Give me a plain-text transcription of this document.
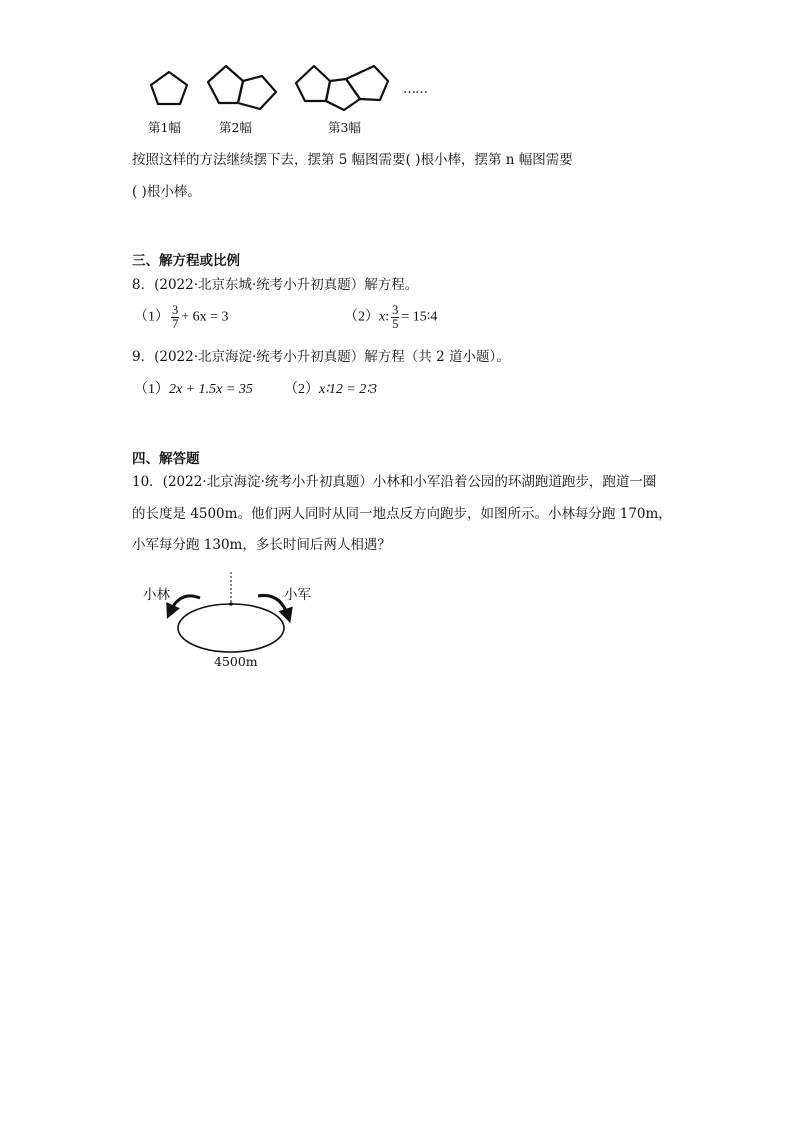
……
第1幅	第2幅	第3幅
按照这样的方法继续摆下去，摆第 5 幅图需要( )根小棒，摆第 n 幅图需要
( )根小棒。
三、解方程或比例
8．(2022·北京东城·统考小升初真题）解方程。
$(1) \frac{3}{7} + 6x = 3$	（2）x: $\frac{3}{5}$ = 15∶4
9．(2022·北京海淀·统考小升初真题）解方程（共 2 道小题）。
（1）2x + 1.5x = 35 （2）x∶12 = 2∶3
四、解答题
10．(2022·北京海淀·统考小升初真题）小林和小军沿着公园的环湖跑道跑步，跑道一圈
的长度是 4500m。他们两人同时从同一地点反方向跑步，如图所示。小林每分跑 170m，
小军每分跑 130m，多长时间后两人相遇？
小林	小军
4500m
